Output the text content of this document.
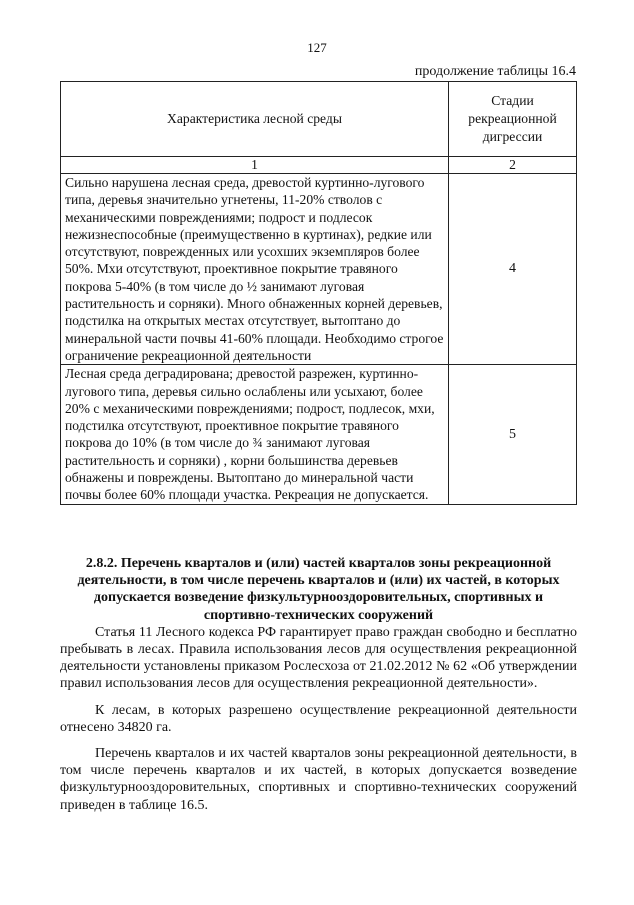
127
продолжение таблицы 16.4
Характеристика лесной среды	Стадии рекреационной дигрессии
1	2
Сильно нарушена лесная среда, древостой куртинно-лугового типа, деревья значительно угнетены, 11-20% стволов с механическими повреждениями; подрост и подлесок нежизнеспособные (преимущественно в куртинах), редкие или отсутствуют, поврежденных или усохших экземпляров более 50%. Мхи отсутствуют, проективное покрытие травяного покрова 5-40% (в том числе до ½ занимают луговая растительность и сорняки). Много обнаженных корней деревьев, подстилка на открытых местах отсутствует, вытоптано до минеральной части почвы 41-60% площади. Необходимо строгое ограничение рекреационной деятельности	4
Лесная среда деградирована; древостой разрежен, куртинно-лугового типа, деревья сильно ослаблены или усыхают, более 20% с механическими повреждениями; подрост, подлесок, мхи, подстилка отсутствуют, проективное покрытие травяного покрова до 10% (в том числе до ¾ занимают луговая растительность и сорняки) , корни большинства деревьев обнажены и повреждены. Вытоптано до минеральной части почвы более 60% площади участка. Рекреация не допускается.	5

2.8.2. Перечень кварталов и (или) частей кварталов зоны рекреационной деятельности, в том числе перечень кварталов и (или) их частей, в которых допускается возведение физкультурнооздоровительных, спортивных и спортивно-технических сооружений

Статья 11 Лесного кодекса РФ гарантирует право граждан свободно и бесплатно пребывать в лесах. Правила использования лесов для осуществления рекреационной деятельности установлены приказом Рослесхоза от 21.02.2012 № 62 «Об утверждении правил использования лесов для осуществления рекреационной деятельности».

К лесам, в которых разрешено осуществление рекреационной деятельности отнесено 34820 га.

Перечень кварталов и их частей кварталов зоны рекреационной деятельности, в том числе перечень кварталов и их частей, в которых допускается возведение физкультурнооздоровительных, спортивных и спортивно-технических сооружений приведен в таблице 16.5.
